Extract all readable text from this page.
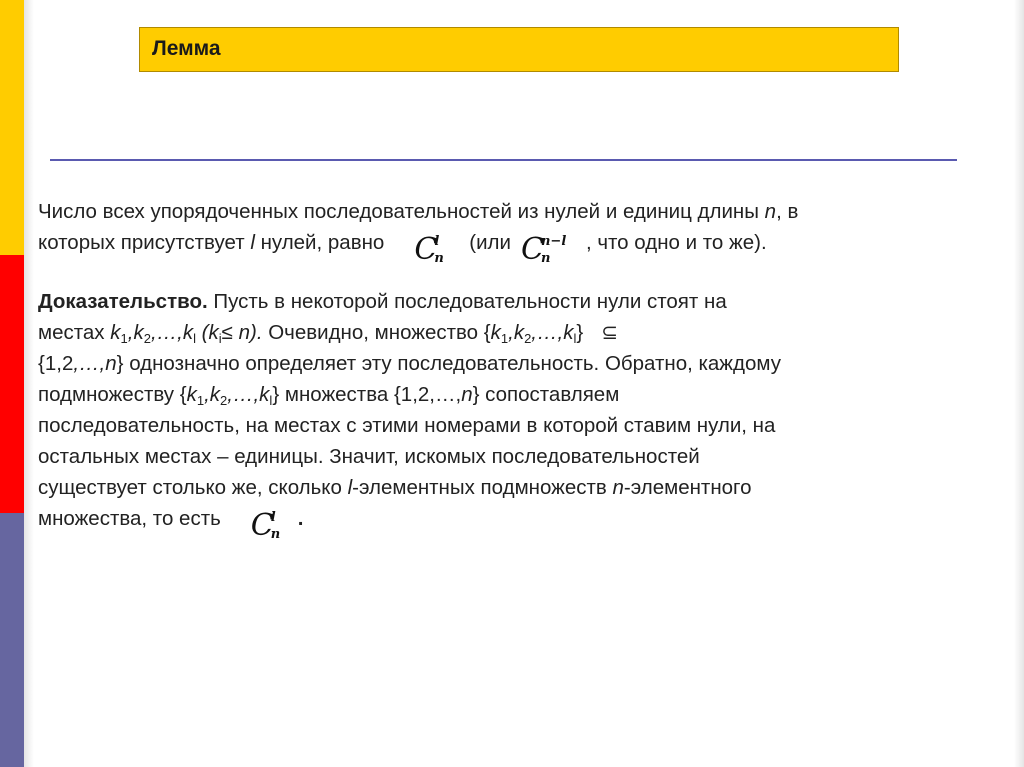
Лемма
Число всех упорядоченных последовательностей из нулей и единиц длины n, в
которых присутствует l нулей, равно C l
n
(или C n−l
n
, что одно и то же).
Доказательство. Пусть в некоторой последовательности нули стоят на
местах $k_1,k_2,\dots,k_l$ $(k_i\le n)$. Очевидно, множество $\{k_1,k_2,\dots,k_l\}$ ⊆
{1,2,…,n} однозначно определяет эту последовательность. Обратно, каждому
подмножеству $\{k_1,k_2,\dots,k_l\}$ множества {1,2,…,n} сопоставляем
последовательность, на местах с этими номерами в которой ставим нули, на
остальных местах – единицы. Значит, искомых последовательностей
существует столько же, сколько l-элементных подмножеств n-элементного
множества, то есть C l
n
.
